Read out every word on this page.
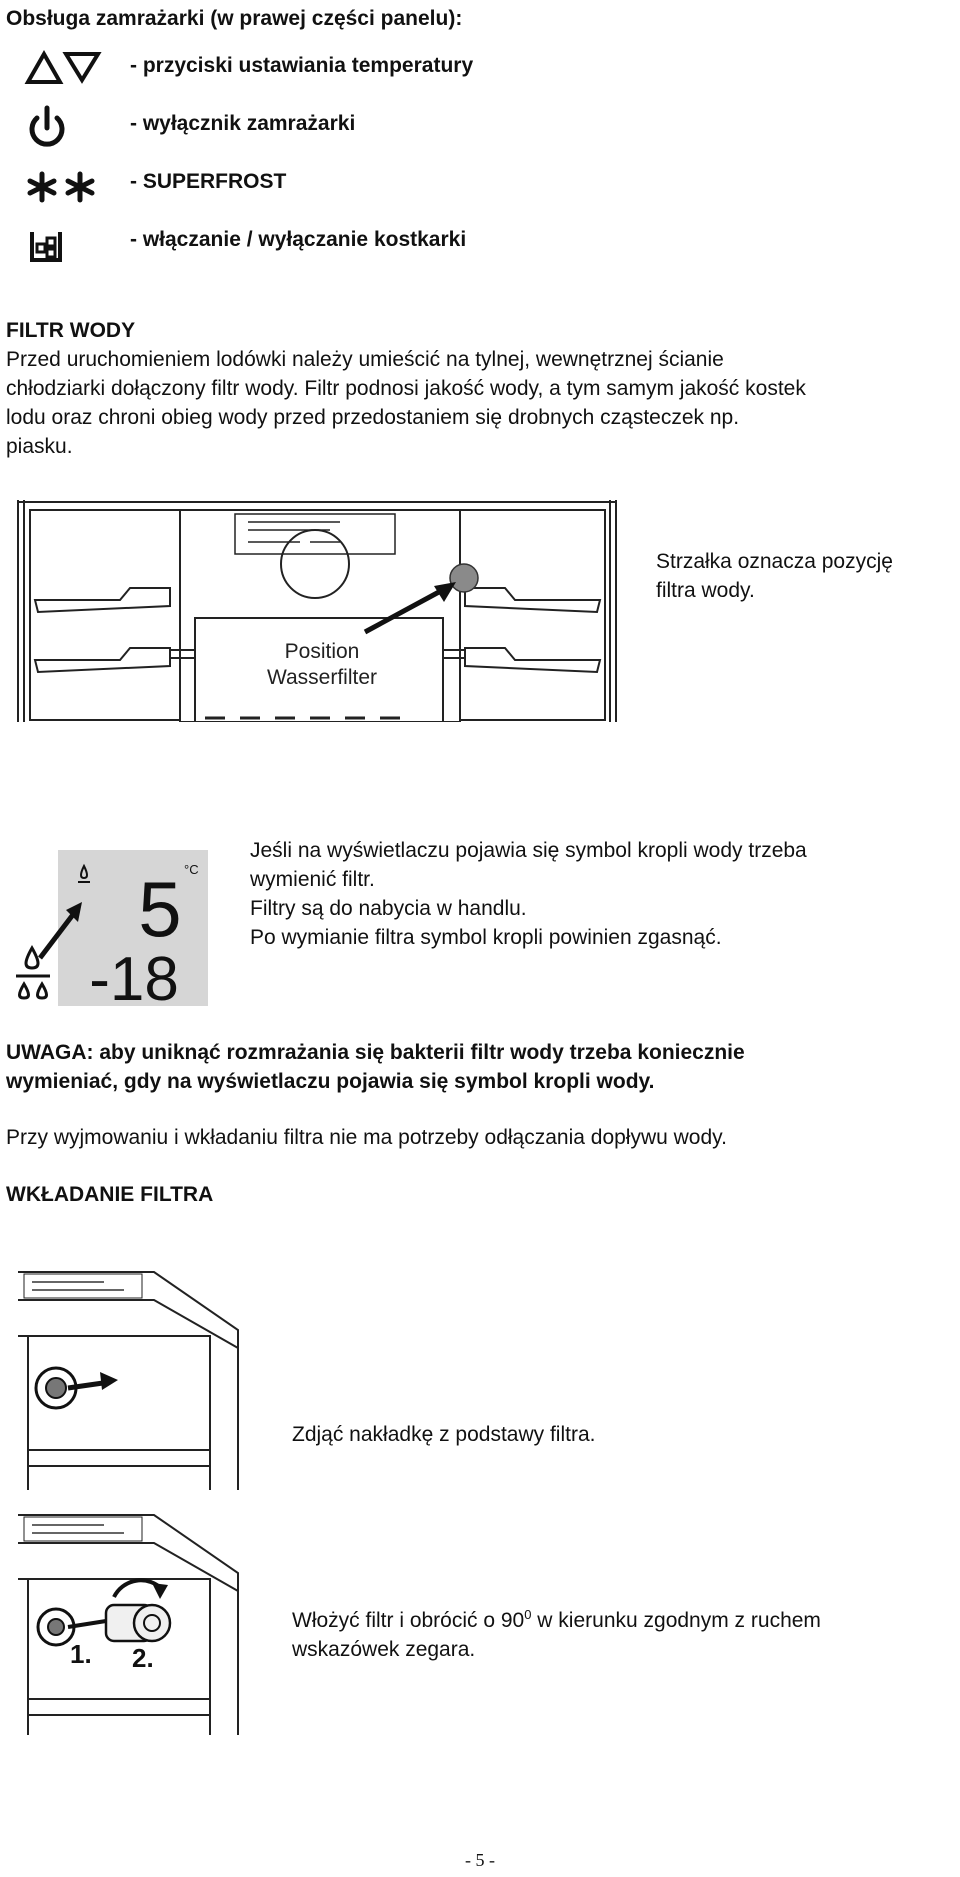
Obsługa zamrażarki (w prawej części panelu):
- przyciski ustawiania temperatury
- wyłącznik zamrażarki
- SUPERFROST
- włączanie / wyłączanie kostkarki
FILTR WODY
Przed uruchomieniem lodówki należy umieścić na tylnej, wewnętrznej ścianie
chłodziarki dołączony filtr wody. Filtr podnosi jakość wody, a tym samym jakość kostek
lodu oraz chroni obieg wody przed przedostaniem się drobnych cząsteczek np.
piasku.
Position
Wasserfilter
Strzałka oznacza pozycję
filtra wody.
5 °C
-18
Jeśli na wyświetlaczu pojawia się symbol kropli wody trzeba
wymienić filtr.
Filtry są do nabycia w handlu.
Po wymianie filtra symbol kropli powinien zgasnąć.
UWAGA: aby uniknąć rozmrażania się bakterii filtr wody trzeba koniecznie
wymieniać, gdy na wyświetlaczu pojawia się symbol kropli wody.
Przy wyjmowaniu i wkładaniu filtra nie ma potrzeby odłączania dopływu wody.
WKŁADANIE FILTRA
Zdjąć nakładkę z podstawy filtra.
1. 2.
Włożyć filtr i obrócić o $90^0$ w kierunku zgodnym z ruchem
wskazówek zegara.
- 5 -
